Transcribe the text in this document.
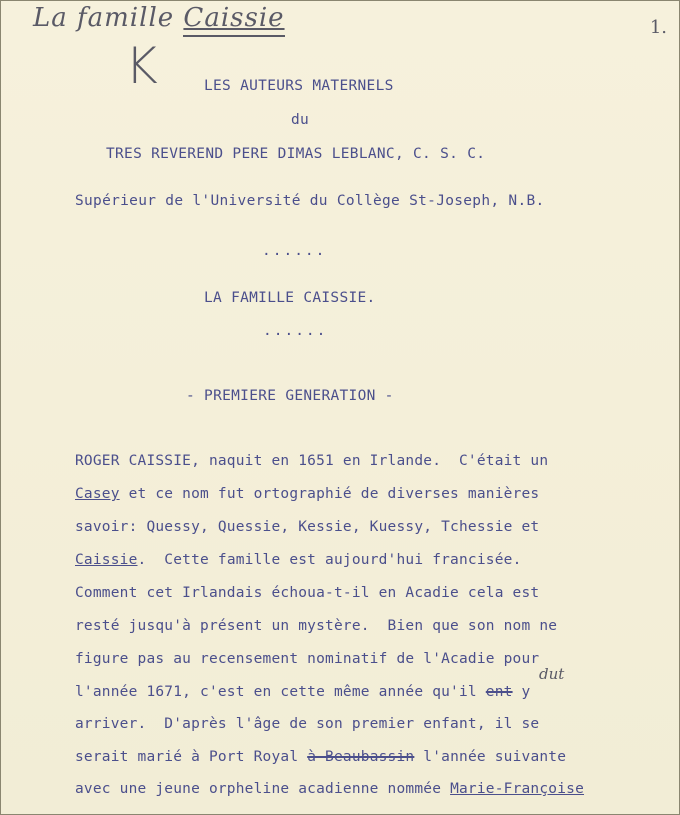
La famille Caissie
K
1.
dut
LES AUTEURS MATERNELS
du
TRES REVEREND PERE DIMAS LEBLANC, C. S. C.
Supérieur de l'Université du Collège St-Joseph, N.B.
......
LA FAMILLE CAISSIE.
......
- PREMIERE GENERATION -
ROGER CAISSIE, naquit en 1651 en Irlande.  C'était un
Casey et ce nom fut ortographié de diverses manières
savoir: Quessy, Quessie, Kessie, Kuessy, Tchessie et
Caissie.  Cette famille est aujourd'hui francisée.
Comment cet Irlandais échoua-t-il en Acadie cela est
resté jusqu'à présent un mystère.  Bien que son nom ne
figure pas au recensement nominatif de l'Acadie pour
l'année 1671, c'est en cette même année qu'il ent y
arriver.  D'après l'âge de son premier enfant, il se
serait marié à Port Royal à Beaubassin l'année suivante
avec une jeune orpheline acadienne nommée Marie-Françoise
